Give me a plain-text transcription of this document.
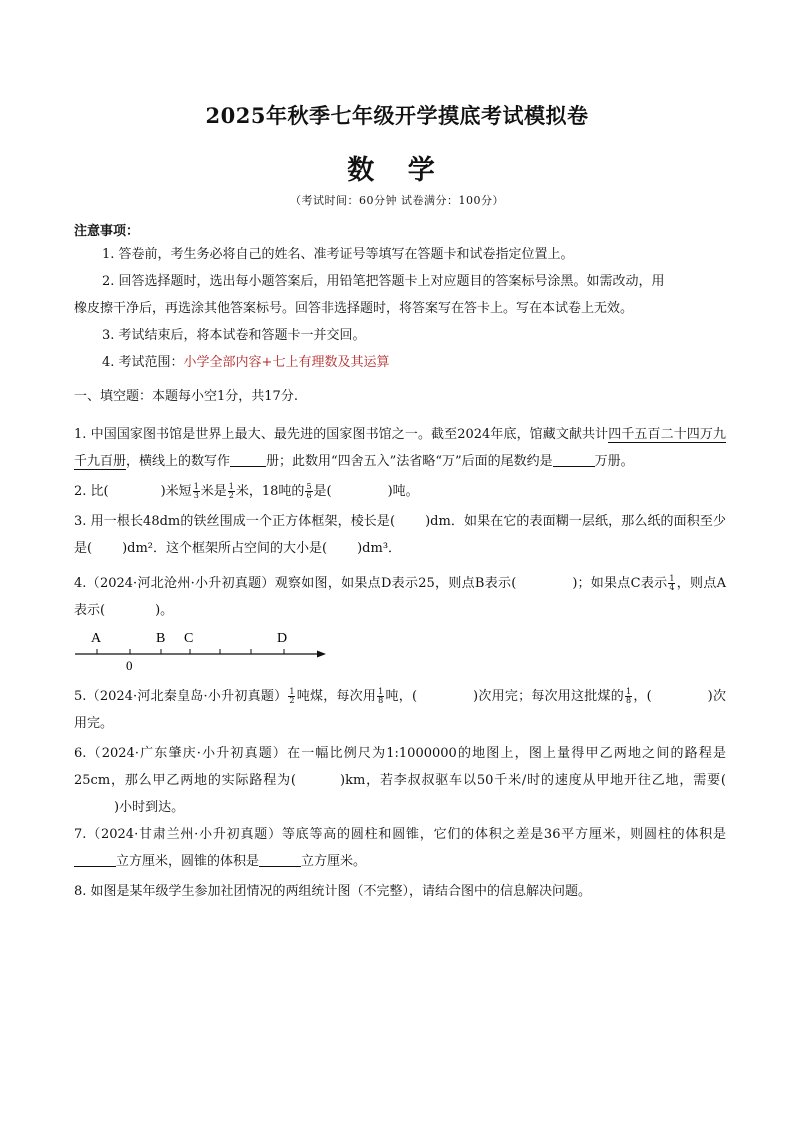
2025年秋季七年级开学摸底考试模拟卷
数 学
（考试时间：60分钟 试卷满分：100分）
注意事项：
1. 答卷前，考生务必将自己的姓名、准考证号等填写在答题卡和试卷指定位置上。
2. 回答选择题时，选出每小题答案后，用铅笔把答题卡上对应题目的答案标号涂黑。如需改动，用
橡皮擦干净后，再选涂其他答案标号。回答非选择题时，将答案写在答卡上。写在本试卷上无效。
3. 考试结束后，将本试卷和答题卡一并交回。
4. 考试范围：小学全部内容+七上有理数及其运算
一、填空题：本题每小空1分，共17分.
1. 中国国家图书馆是世界上最大、最先进的国家图书馆之一。截至2024年底，馆藏文献共计四千五百二十四万九千九百册，横线上的数写作	册；此数用“四舍五入”法省略“万”后面的尾数约是	万册。
2. 比(	)米短 $\frac{1}{3}$ 米是 $\frac{1}{2}$ 米，18吨的 $\frac{5}{6}$ 是(	)吨。
3. 用一根长48dm的铁丝围成一个正方体框架，棱长是( )dm．如果在它的表面糊一层纸，那么纸的面积至少是( )dm²．这个框架所占空间的大小是( )dm³．
4.（2024·河北沧州·小升初真题）观察如图，如果点D表示25，则点B表示(	)；如果点C表示 $\frac{1}{4}$ ，则点A表示(	)。
A	B C	D
0
5.（2024·河北秦皇岛·小升初真题） $\frac{1}{2}$ 吨煤，每次用 $\frac{1}{8}$ 吨，(	)次用完；每次用这批煤的 $\frac{1}{8}$ ，(	)次用完。
6.（2024·广东肇庆·小升初真题）在一幅比例尺为1:1000000的地图上，图上量得甲乙两地之间的路程是25cm，那么甲乙两地的实际路程为(	)km，若李叔叔驱车以50千米/时的速度从甲地开往乙地，需要()小时到达。
7.（2024·甘肃兰州·小升初真题）等底等高的圆柱和圆锥，它们的体积之差是36平方厘米，则圆柱的体积是立方厘米，圆锥的体积是	立方厘米。
8. 如图是某年级学生参加社团情况的两组统计图（不完整），请结合图中的信息解决问题。
